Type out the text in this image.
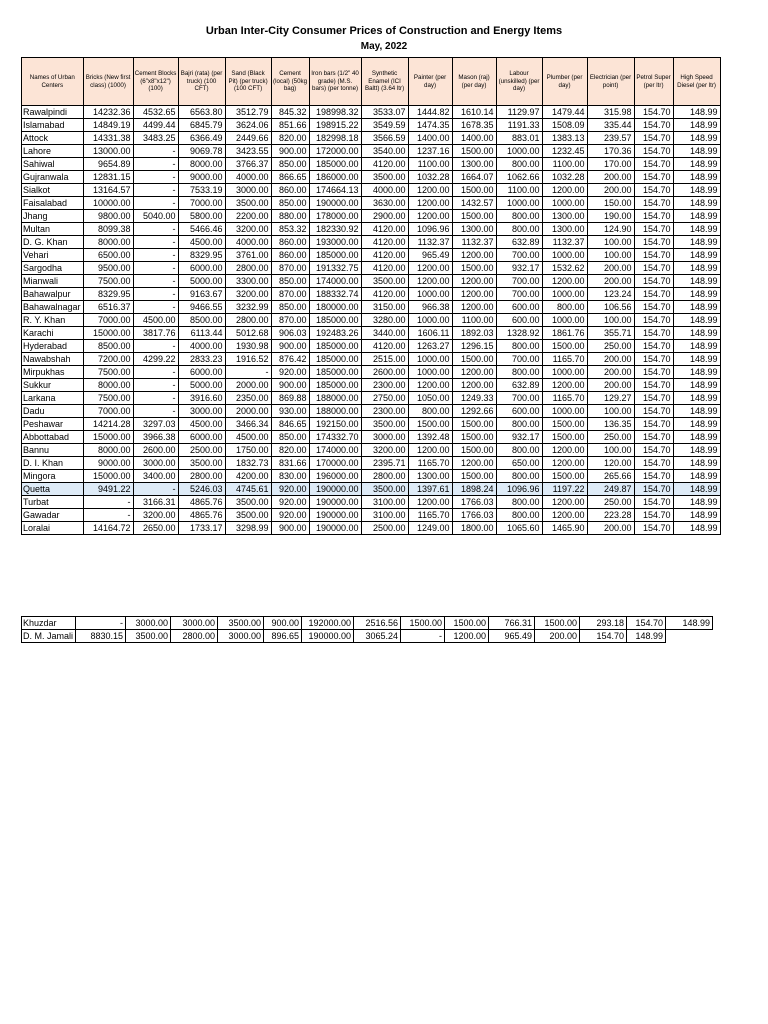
Urban Inter-City Consumer Prices of Construction and Energy Items
May, 2022
Names of Urban Centers	Bricks (New first class) (1000)	Cement Blocks (6"x8"x12") (100)	Bajri (rata) (per truck) (100 CFT)	Sand (Black Pit) (per truck) (100 CFT)	Cement (local) (50kg bag)	Iron bars (1/2" 40 grade) (M.S. bars) (per tonne)	Synthetic Enamel (ICI Baltt) (3.64 ltr)	Painter (per day)	Mason (raj) (per day)	Labour (unskilled) (per day)	Plumber (per day)	Electrician (per point)	Petrol Super (per ltr)	High Speed Diesel (per ltr)
Rawalpindi	14232.36	4532.65	6563.80	3512.79	845.32	198998.32	3533.07	1444.82	1610.14	1129.97	1479.44	315.98	154.70	148.99
Islamabad	14849.19	4499.44	6845.79	3624.06	851.66	198915.22	3549.59	1474.35	1678.35	1191.33	1508.09	335.44	154.70	148.99
Attock	14331.38	3483.25	6366.49	2449.66	820.00	182998.18	3566.59	1400.00	1400.00	883.01	1383.13	239.57	154.70	148.99
Lahore	13000.00	-	9069.78	3423.55	900.00	172000.00	3540.00	1237.16	1500.00	1000.00	1232.45	170.36	154.70	148.99
Sahiwal	9654.89	-	8000.00	3766.37	850.00	185000.00	4120.00	1100.00	1300.00	800.00	1100.00	170.00	154.70	148.99
Gujranwala	12831.15	-	9000.00	4000.00	866.65	186000.00	3500.00	1032.28	1664.07	1062.66	1032.28	200.00	154.70	148.99
Sialkot	13164.57	-	7533.19	3000.00	860.00	174664.13	4000.00	1200.00	1500.00	1100.00	1200.00	200.00	154.70	148.99
Faisalabad	10000.00	-	7000.00	3500.00	850.00	190000.00	3630.00	1200.00	1432.57	1000.00	1000.00	150.00	154.70	148.99
Jhang	9800.00	5040.00	5800.00	2200.00	880.00	178000.00	2900.00	1200.00	1500.00	800.00	1300.00	190.00	154.70	148.99
Multan	8099.38	-	5466.46	3200.00	853.32	182330.92	4120.00	1096.96	1300.00	800.00	1300.00	124.90	154.70	148.99
D. G. Khan	8000.00	-	4500.00	4000.00	860.00	193000.00	4120.00	1132.37	1132.37	632.89	1132.37	100.00	154.70	148.99
Vehari	6500.00	-	8329.95	3761.00	860.00	185000.00	4120.00	965.49	1200.00	700.00	1000.00	100.00	154.70	148.99
Sargodha	9500.00	-	6000.00	2800.00	870.00	191332.75	4120.00	1200.00	1500.00	932.17	1532.62	200.00	154.70	148.99
Mianwali	7500.00	-	5000.00	3300.00	850.00	174000.00	3500.00	1200.00	1200.00	700.00	1200.00	200.00	154.70	148.99
Bahawalpur	8329.95	-	9163.67	3200.00	870.00	188332.74	4120.00	1000.00	1200.00	700.00	1000.00	123.24	154.70	148.99
Bahawalnagar	6516.37	-	9466.55	3232.99	850.00	180000.00	3150.00	966.38	1200.00	600.00	800.00	106.56	154.70	148.99
R. Y. Khan	7000.00	4500.00	8500.00	2800.00	870.00	185000.00	3280.00	1000.00	1100.00	600.00	1000.00	100.00	154.70	148.99
Karachi	15000.00	3817.76	6113.44	5012.68	906.03	192483.26	3440.00	1606.11	1892.03	1328.92	1861.76	355.71	154.70	148.99
Hyderabad	8500.00	-	4000.00	1930.98	900.00	185000.00	4120.00	1263.27	1296.15	800.00	1500.00	250.00	154.70	148.99
Nawabshah	7200.00	4299.22	2833.23	1916.52	876.42	185000.00	2515.00	1000.00	1500.00	700.00	1165.70	200.00	154.70	148.99
Mirpukhas	7500.00	-	6000.00	-	920.00	185000.00	2600.00	1000.00	1200.00	800.00	1000.00	200.00	154.70	148.99
Sukkur	8000.00	-	5000.00	2000.00	900.00	185000.00	2300.00	1200.00	1200.00	632.89	1200.00	200.00	154.70	148.99
Larkana	7500.00	-	3916.60	2350.00	869.88	188000.00	2750.00	1050.00	1249.33	700.00	1165.70	129.27	154.70	148.99
Dadu	7000.00	-	3000.00	2000.00	930.00	188000.00	2300.00	800.00	1292.66	600.00	1000.00	100.00	154.70	148.99
Peshawar	14214.28	3297.03	4500.00	3466.34	846.65	192150.00	3500.00	1500.00	1500.00	800.00	1500.00	136.35	154.70	148.99
Abbottabad	15000.00	3966.38	6000.00	4500.00	850.00	174332.70	3000.00	1392.48	1500.00	932.17	1500.00	250.00	154.70	148.99
Bannu	8000.00	2600.00	2500.00	1750.00	820.00	174000.00	3200.00	1200.00	1500.00	800.00	1200.00	100.00	154.70	148.99
D. I. Khan	9000.00	3000.00	3500.00	1832.73	831.66	170000.00	2395.71	1165.70	1200.00	650.00	1200.00	120.00	154.70	148.99
Mingora	15000.00	3400.00	2800.00	4200.00	830.00	196000.00	2800.00	1300.00	1500.00	800.00	1500.00	265.66	154.70	148.99
Quetta	9491.22	-	5246.03	4745.61	920.00	190000.00	3500.00	1397.61	1898.24	1096.96	1197.22	249.87	154.70	148.99
Turbat	-	3166.31	4865.76	3500.00	920.00	190000.00	3100.00	1200.00	1766.03	800.00	1200.00	250.00	154.70	148.99
Gawadar	-	3200.00	4865.76	3500.00	920.00	190000.00	3100.00	1165.70	1766.03	800.00	1200.00	223.28	154.70	148.99
Loralai	14164.72	2650.00	1733.17	3298.99	900.00	190000.00	2500.00	1249.00	1800.00	1065.60	1465.90	200.00	154.70	148.99
Khuzdar	-	3000.00	3000.00	3500.00	900.00	192000.00	2516.56	1500.00	1500.00	766.31	1500.00	293.18	154.70	148.99
D. M. Jamali	8830.15	3500.00	2800.00	3000.00	896.65	190000.00	3065.24	-	1200.00	965.49	200.00	154.70	148.99	
